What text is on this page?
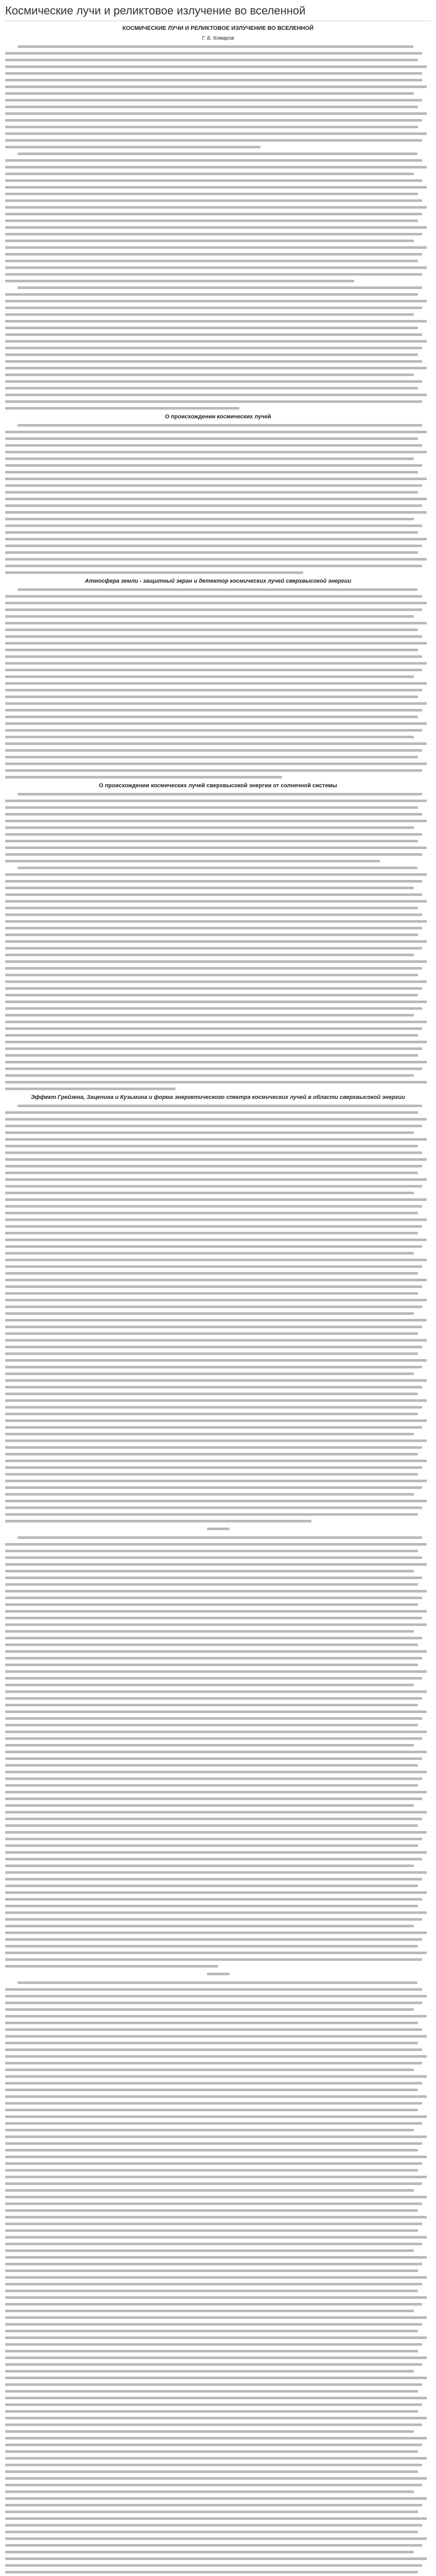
Космические лучи и реликтовое излучение во вселенной
КОСМИЧЕСКИЕ ЛУЧИ И РЕЛИКТОВОЕ ИЗЛУЧЕНИЕ ВО ВСЕЛЕННОЙ
Г. Б. Комаров
О происхождении космических лучей
Атмосфера земли - защитный экран и детектор космических лучей сверхвысокой энергии
О происхождении космических лучей сверхвысокой энергии от солнечной системы
Эффект Грейзена, Зацепина и Кузьмина и форма энергетического спектра космических лучей в области сверхвысокой энергии
